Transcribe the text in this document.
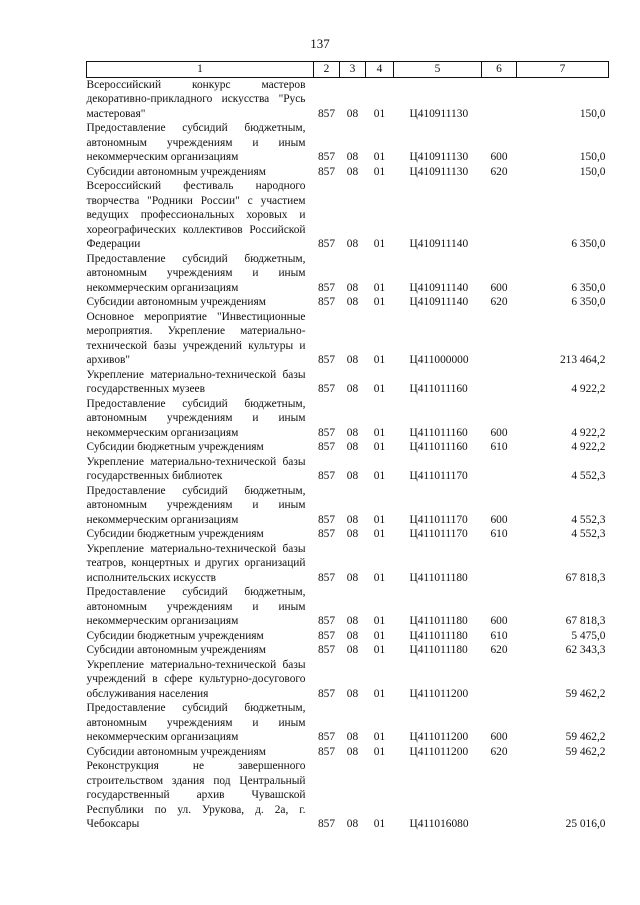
137
1	2	3	4	5	6	7
Всероссийский конкурс мастеров декоративно-прикладного искусства "Русь мастеровая"	857	08	01	Ц410911130		150,0
Предоставление субсидий бюджетным, автономным учреждениям и иным некоммерческим организациям	857	08	01	Ц410911130	600	150,0
Субсидии автономным учреждениям	857	08	01	Ц410911130	620	150,0
Всероссийский фестиваль народного творчества "Родники России" с участием ведущих профессиональных хоровых и хореографических коллективов Российской Федерации	857	08	01	Ц410911140		6 350,0
Предоставление субсидий бюджетным, автономным учреждениям и иным некоммерческим организациям	857	08	01	Ц410911140	600	6 350,0
Субсидии автономным учреждениям	857	08	01	Ц410911140	620	6 350,0
Основное мероприятие "Инвестиционные мероприятия. Укрепление материально-технической базы учреждений культуры и архивов"	857	08	01	Ц411000000		213 464,2
Укрепление материально-технической базы государственных музеев	857	08	01	Ц411011160		4 922,2
Предоставление субсидий бюджетным, автономным учреждениям и иным некоммерческим организациям	857	08	01	Ц411011160	600	4 922,2
Субсидии бюджетным учреждениям	857	08	01	Ц411011160	610	4 922,2
Укрепление материально-технической базы государственных библиотек	857	08	01	Ц411011170		4 552,3
Предоставление субсидий бюджетным, автономным учреждениям и иным некоммерческим организациям	857	08	01	Ц411011170	600	4 552,3
Субсидии бюджетным учреждениям	857	08	01	Ц411011170	610	4 552,3
Укрепление материально-технической базы театров, концертных и других организаций исполнительских искусств	857	08	01	Ц411011180		67 818,3
Предоставление субсидий бюджетным, автономным учреждениям и иным некоммерческим организациям	857	08	01	Ц411011180	600	67 818,3
Субсидии бюджетным учреждениям	857	08	01	Ц411011180	610	5 475,0
Субсидии автономным учреждениям	857	08	01	Ц411011180	620	62 343,3
Укрепление материально-технической базы учреждений в сфере культурно-досугового обслуживания населения	857	08	01	Ц411011200		59 462,2
Предоставление субсидий бюджетным, автономным учреждениям и иным некоммерческим организациям	857	08	01	Ц411011200	600	59 462,2
Субсидии автономным учреждениям	857	08	01	Ц411011200	620	59 462,2
Реконструкция не завершенного строительством здания под Центральный государственный архив Чувашской Республики по ул. Урукова, д. 2а, г. Чебоксары	857	08	01	Ц411016080		25 016,0
